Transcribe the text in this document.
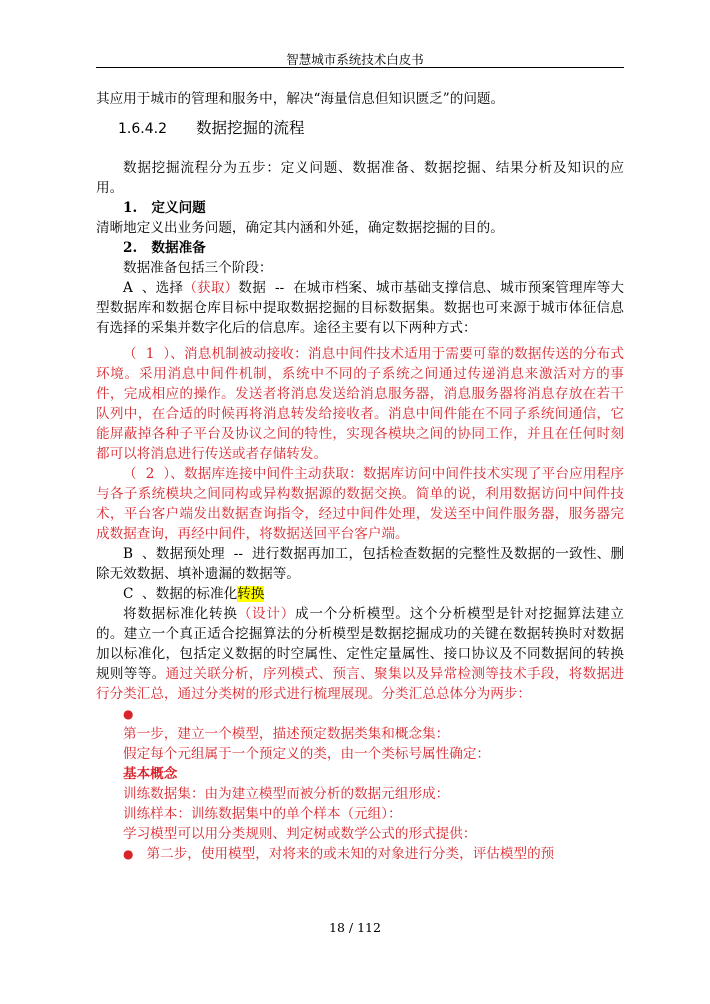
智慧城市系统技术白皮书

其应用于城市的管理和服务中，解决“海量信息但知识匮乏”的问题。

1.6.4.2 数据挖掘的流程

数据挖掘流程分为五步：定义问题、数据准备、数据挖掘、结果分析及知识的应用。

1.   定义问题

清晰地定义出业务问题，确定其内涵和外延，确定数据挖掘的目的。

2.   数据准备

数据准备包括三个阶段：

A  、选择（获取）数据  --  在城市档案、城市基础支撑信息、城市预案管理库等大型数据库和数据仓库目标中提取数据挖掘的目标数据集。数据也可来源于城市体征信息有选择的采集并数字化后的信息库。途径主要有以下两种方式：

（  1  ）、消息机制被动接收：消息中间件技术适用于需要可靠的数据传送的分布式环境。采用消息中间件机制，系统中不同的子系统之间通过传递消息来激活对方的事件，完成相应的操作。发送者将消息发送给消息服务器，消息服务器将消息存放在若干队列中，在合适的时候再将消息转发给接收者。消息中间件能在不同子系统间通信，它能屏蔽掉各种子平台及协议之间的特性，实现各模块之间的协同工作，并且在任何时刻都可以将消息进行传送或者存储转发。

（  2  ）、数据库连接中间件主动获取：数据库访问中间件技术实现了平台应用程序与各子系统模块之间同构或异构数据源的数据交换。简单的说，利用数据访问中间件技术，平台客户端发出数据查询指令，经过中间件处理，发送至中间件服务器，服务器完成数据查询，再经中间件，将数据送回平台客户端。

B  、数据预处理  --  进行数据再加工，包括检查数据的完整性及数据的一致性、删除无效数据、填补遗漏的数据等。

C  、数据的标准化转换

将数据标准化转换（设计）成一个分析模型。这个分析模型是针对挖掘算法建立的。建立一个真正适合挖掘算法的分析模型是数据挖掘成功的关键在数据转换时对数据加以标准化，包括定义数据的时空属性、定性定量属性、接口协议及不同数据间的转换规则等等。通过关联分析，序列模式、预言、聚集以及异常检测等技术手段，将数据进行分类汇总，通过分类树的形式进行梳理展现。分类汇总总体分为两步：

●

第一步，建立一个模型，描述预定数据类集和概念集：

假定每个元组属于一个预定义的类，由一个类标号属性确定：

基本概念

训练数据集：由为建立模型而被分析的数据元组形成：

训练样本：训练数据集中的单个样本（元组）：

学习模型可以用分类规则、判定树或数学公式的形式提供：

● 第二步，使用模型，对将来的或未知的对象进行分类，评估模型的预

18 / 112
